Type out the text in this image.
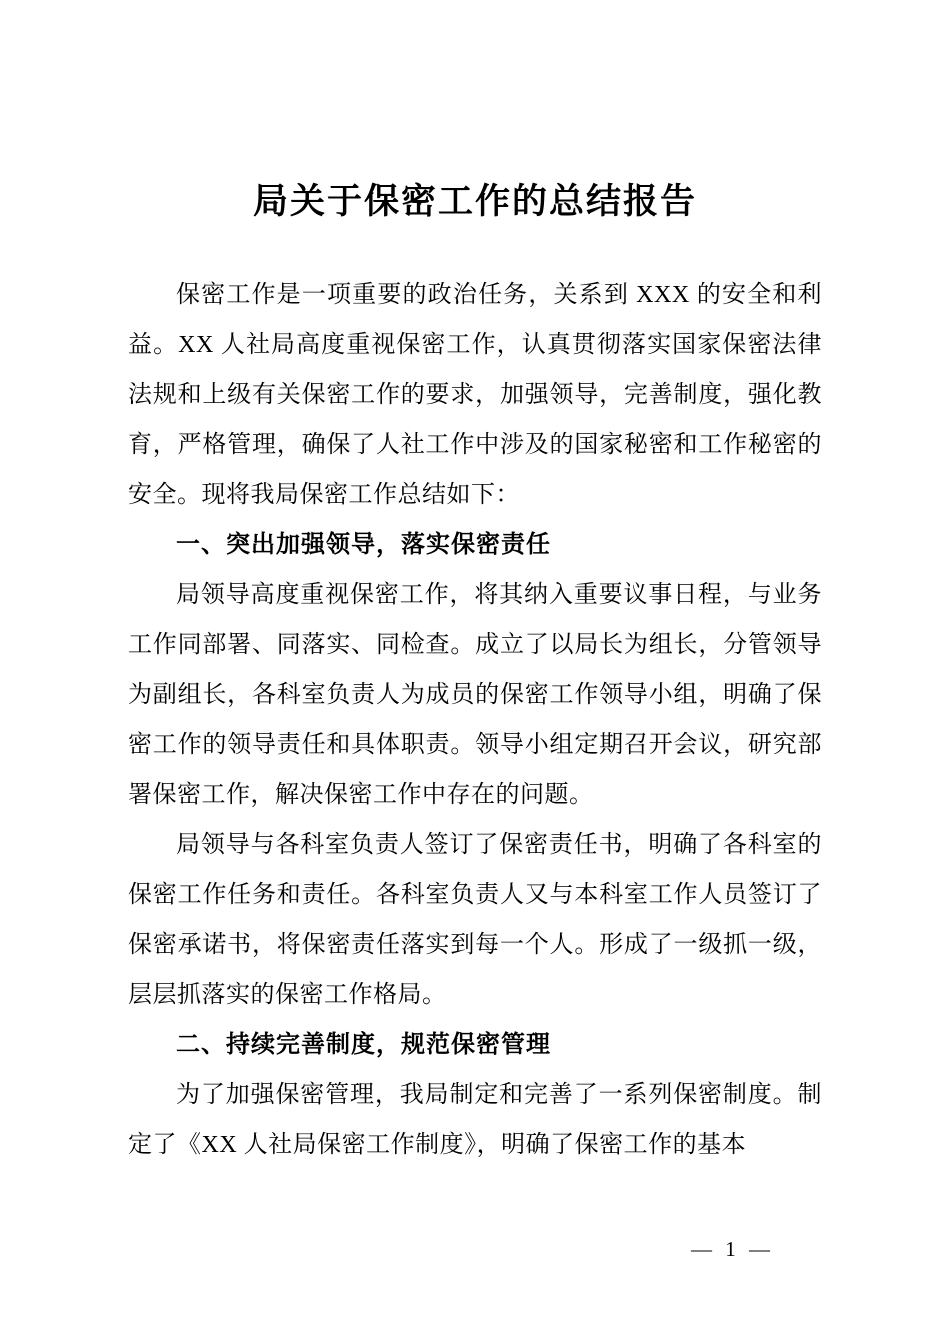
局关于保密工作的总结报告

保密工作是一项重要的政治任务，关系到 XXX 的安全和利益。XX 人社局高度重视保密工作，认真贯彻落实国家保密法律法规和上级有关保密工作的要求，加强领导，完善制度，强化教育，严格管理，确保了人社工作中涉及的国家秘密和工作秘密的安全。现将我局保密工作总结如下：

一、突出加强领导，落实保密责任

局领导高度重视保密工作，将其纳入重要议事日程，与业务工作同部署、同落实、同检查。成立了以局长为组长，分管领导为副组长，各科室负责人为成员的保密工作领导小组，明确了保密工作的领导责任和具体职责。领导小组定期召开会议，研究部署保密工作，解决保密工作中存在的问题。

局领导与各科室负责人签订了保密责任书，明确了各科室的保密工作任务和责任。各科室负责人又与本科室工作人员签订了保密承诺书，将保密责任落实到每一个人。形成了一级抓一级，层层抓落实的保密工作格局。

二、持续完善制度，规范保密管理

为了加强保密管理，我局制定和完善了一系列保密制度。制定了《XX 人社局保密工作制度》，明确了保密工作的基本

— 1 —
